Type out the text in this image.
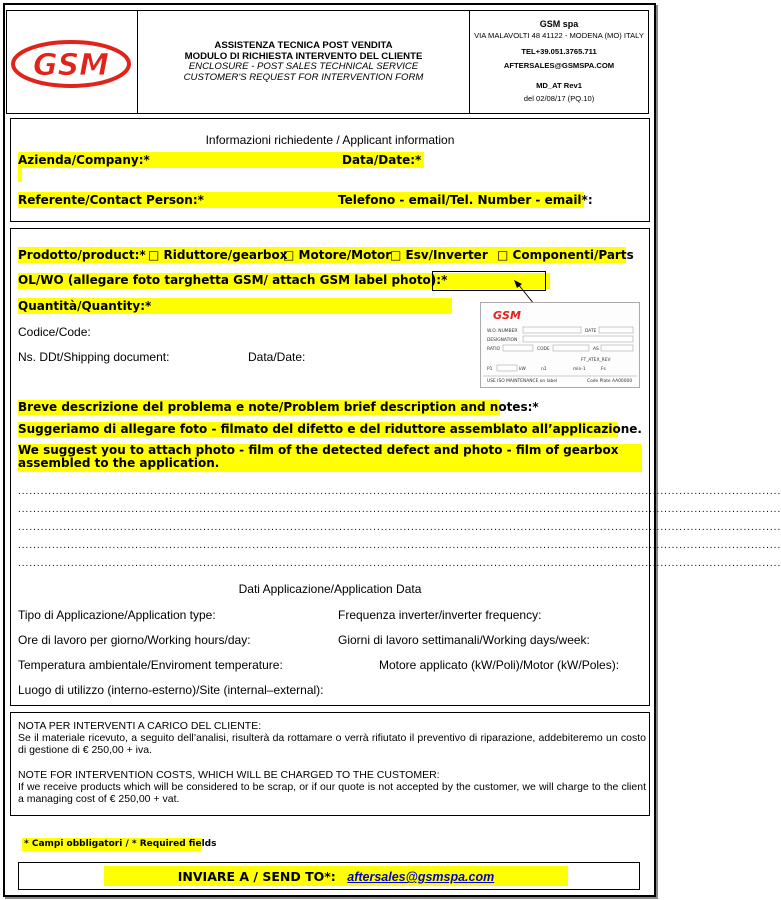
GSM
ASSISTENZA TECNICA POST VENDITA
MODULO DI RICHIESTA INTERVENTO DEL CLIENTE
ENCLOSURE - POST SALES TECHNICAL SERVICE
CUSTOMER'S REQUEST FOR INTERVENTION FORM
GSM spa
VIA MALAVOLTI 48 41122 - MODENA (MO) ITALY
TEL+39.051.3765.711
AFTERSALES@GSMSPA.COM
MD_AT Rev1
del 02/08/17 (PQ.10)
Informazioni richiedente / Applicant information
Azienda/Company:*	Data/Date:*
Referente/Contact Person:*	Telefono - email/Tel. Number - email*:
Prodotto/product:* □ Riduttore/gearbox
□ Motore/Motor
□ Esv/Inverter □ Componenti/Parts
OL/WO (allegare foto targhetta GSM/ attach GSM label photo):*
Quantità/Quantity:*
Codice/Code:
Ns. DDt/Shipping document:	Data/Date:
GSM
W.O. NUMBER	DATE
DESIGNATION
RATIO	CODE	AS
FT_ATEX_REV
P1	kW	n1	min-1	Fs
USE ISO MAINTENANCE on label	Code Plate AA00000
Breve descrizione del problema e note/Problem brief description and notes:*
Suggeriamo di allegare foto - filmato del difetto e del riduttore assemblato all’applicazione.
We suggest you to attach photo - film of the detected defect and photo - film of gearbox assembled to the application.
..........................................................................................................................................................................................................
..........................................................................................................................................................................................................
..........................................................................................................................................................................................................
..........................................................................................................................................................................................................
..........................................................................................................................................................................................................
Dati Applicazione/Application Data
Tipo di Applicazione/Application type:	Frequenza inverter/inverter frequency:
Ore di lavoro per giorno/Working hours/day:	Giorni di lavoro settimanali/Working days/week:
Temperatura ambientale/Enviroment temperature:	Motore applicato (kW/Poli)/Motor (kW/Poles):
Luogo di utilizzo (interno-esterno)/Site (internal–external):
NOTA PER INTERVENTI A CARICO DEL CLIENTE:
Se il materiale ricevuto, a seguito dell’analisi, risulterà da rottamare o verrà rifiutato il preventivo di riparazione, addebiteremo un costo di gestione di € 250,00 + iva.
NOTE FOR INTERVENTION COSTS, WHICH WILL BE CHARGED TO THE CUSTOMER:
If we receive products which will be considered to be scrap, or if our quote is not accepted by the customer, we will charge to the client a managing cost of € 250,00 + vat.
* Campi obbligatori / * Required fields
INVIARE A / SEND TO*: aftersales@gsmspa.com
